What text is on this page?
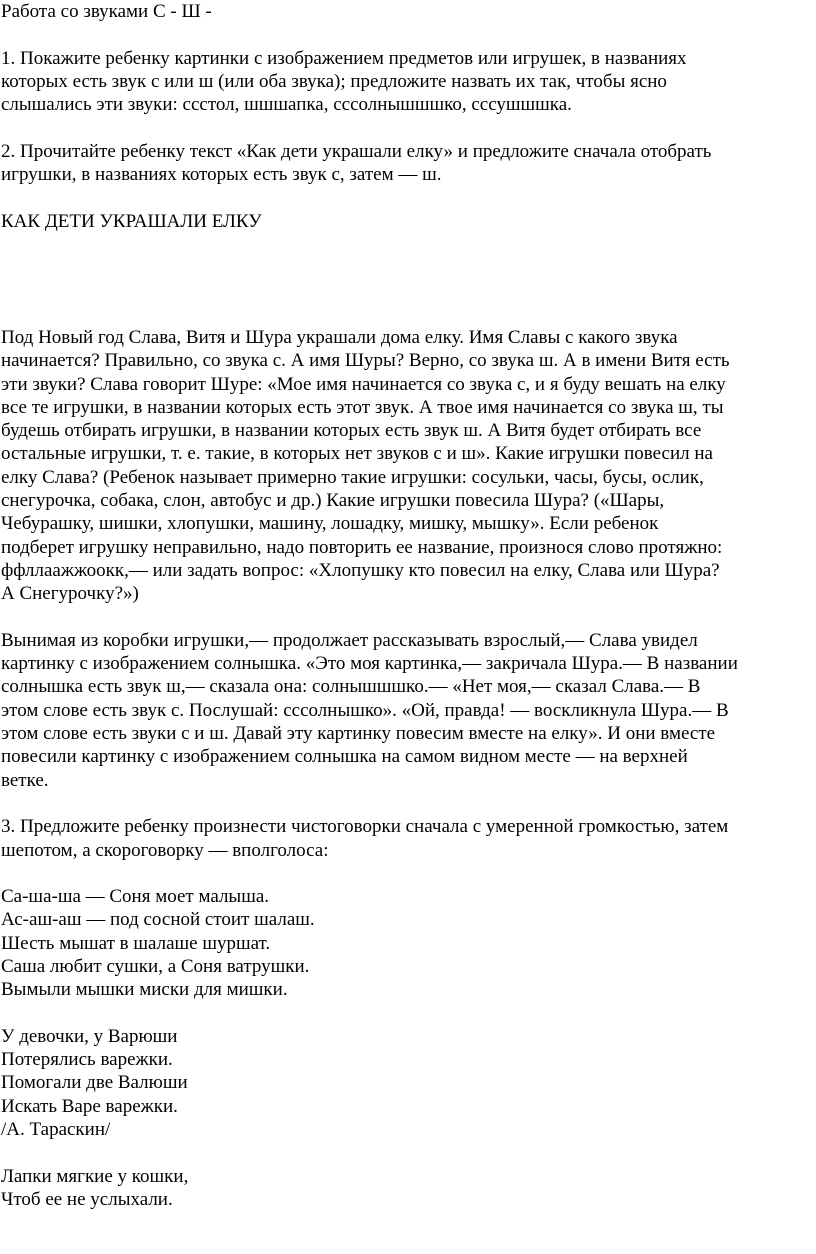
Работа со звуками С - Ш -
1. Покажите ребенку картинки с изображением предметов или игрушек, в названиях
которых есть звук с или ш (или оба звука); предложите назвать их так, чтобы ясно
слышались эти звуки: ссстол, шшшапка, сссолнышшшко, сссушшшка.
2. Прочитайте ребенку текст «Как дети украшали елку» и предложите сначала отобрать
игрушки, в названиях которых есть звук с, затем — ш.
КАК ДЕТИ УКРАШАЛИ ЕЛКУ
Под Новый год Слава, Витя и Шура украшали дома елку. Имя Славы с какого звука
начинается? Правильно, со звука с. А имя Шуры? Верно, со звука ш. А в имени Витя есть
эти звуки? Слава говорит Шуре: «Мое имя начинается со звука с, и я буду вешать на елку
все те игрушки, в названии которых есть этот звук. А твое имя начинается со звука ш, ты
будешь отбирать игрушки, в названии которых есть звук ш. А Витя будет отбирать все
остальные игрушки, т. е. такие, в которых нет звуков с и ш». Какие игрушки повесил на
елку Слава? (Ребенок называет примерно такие игрушки: сосульки, часы, бусы, ослик,
снегурочка, собака, слон, автобус и др.) Какие игрушки повесила Шура? («Шары,
Чебурашку, шишки, хлопушки, машину, лошадку, мишку, мышку». Если ребенок
подберет игрушку неправильно, надо повторить ее название, произнося слово протяжно:
ффллаажжоокк,— или задать вопрос: «Хлопушку кто повесил на елку, Слава или Шура?
А Снегурочку?»)
Вынимая из коробки игрушки,— продолжает рассказывать взрослый,— Слава увидел
картинку с изображением солнышка. «Это моя картинка,— закричала Шура.— В названии
солнышка есть звук ш,— сказала она: солнышшшко.— «Нет моя,— сказал Слава.— В
этом слове есть звук с. Послушай: сссолнышко». «Ой, правда! — воскликнула Шура.— В
этом слове есть звуки с и ш. Давай эту картинку повесим вместе на елку». И они вместе
повесили картинку с изображением солнышка на самом видном месте — на верхней
ветке.
3. Предложите ребенку произнести чистоговорки сначала с умеренной громкостью, затем
шепотом, а скороговорку — вполголоса:
Са-ша-ша — Соня моет малыша.
Ас-аш-аш — под сосной стоит шалаш.
Шесть мышат в шалаше шуршат.
Саша любит сушки, а Соня ватрушки.
Вымыли мышки миски для мишки.
У девочки, у Варюши
Потерялись варежки.
Помогали две Валюши
Искать Варе варежки.
/А. Тараскин/
Лапки мягкие у кошки,
Чтоб ее не услыхали.
